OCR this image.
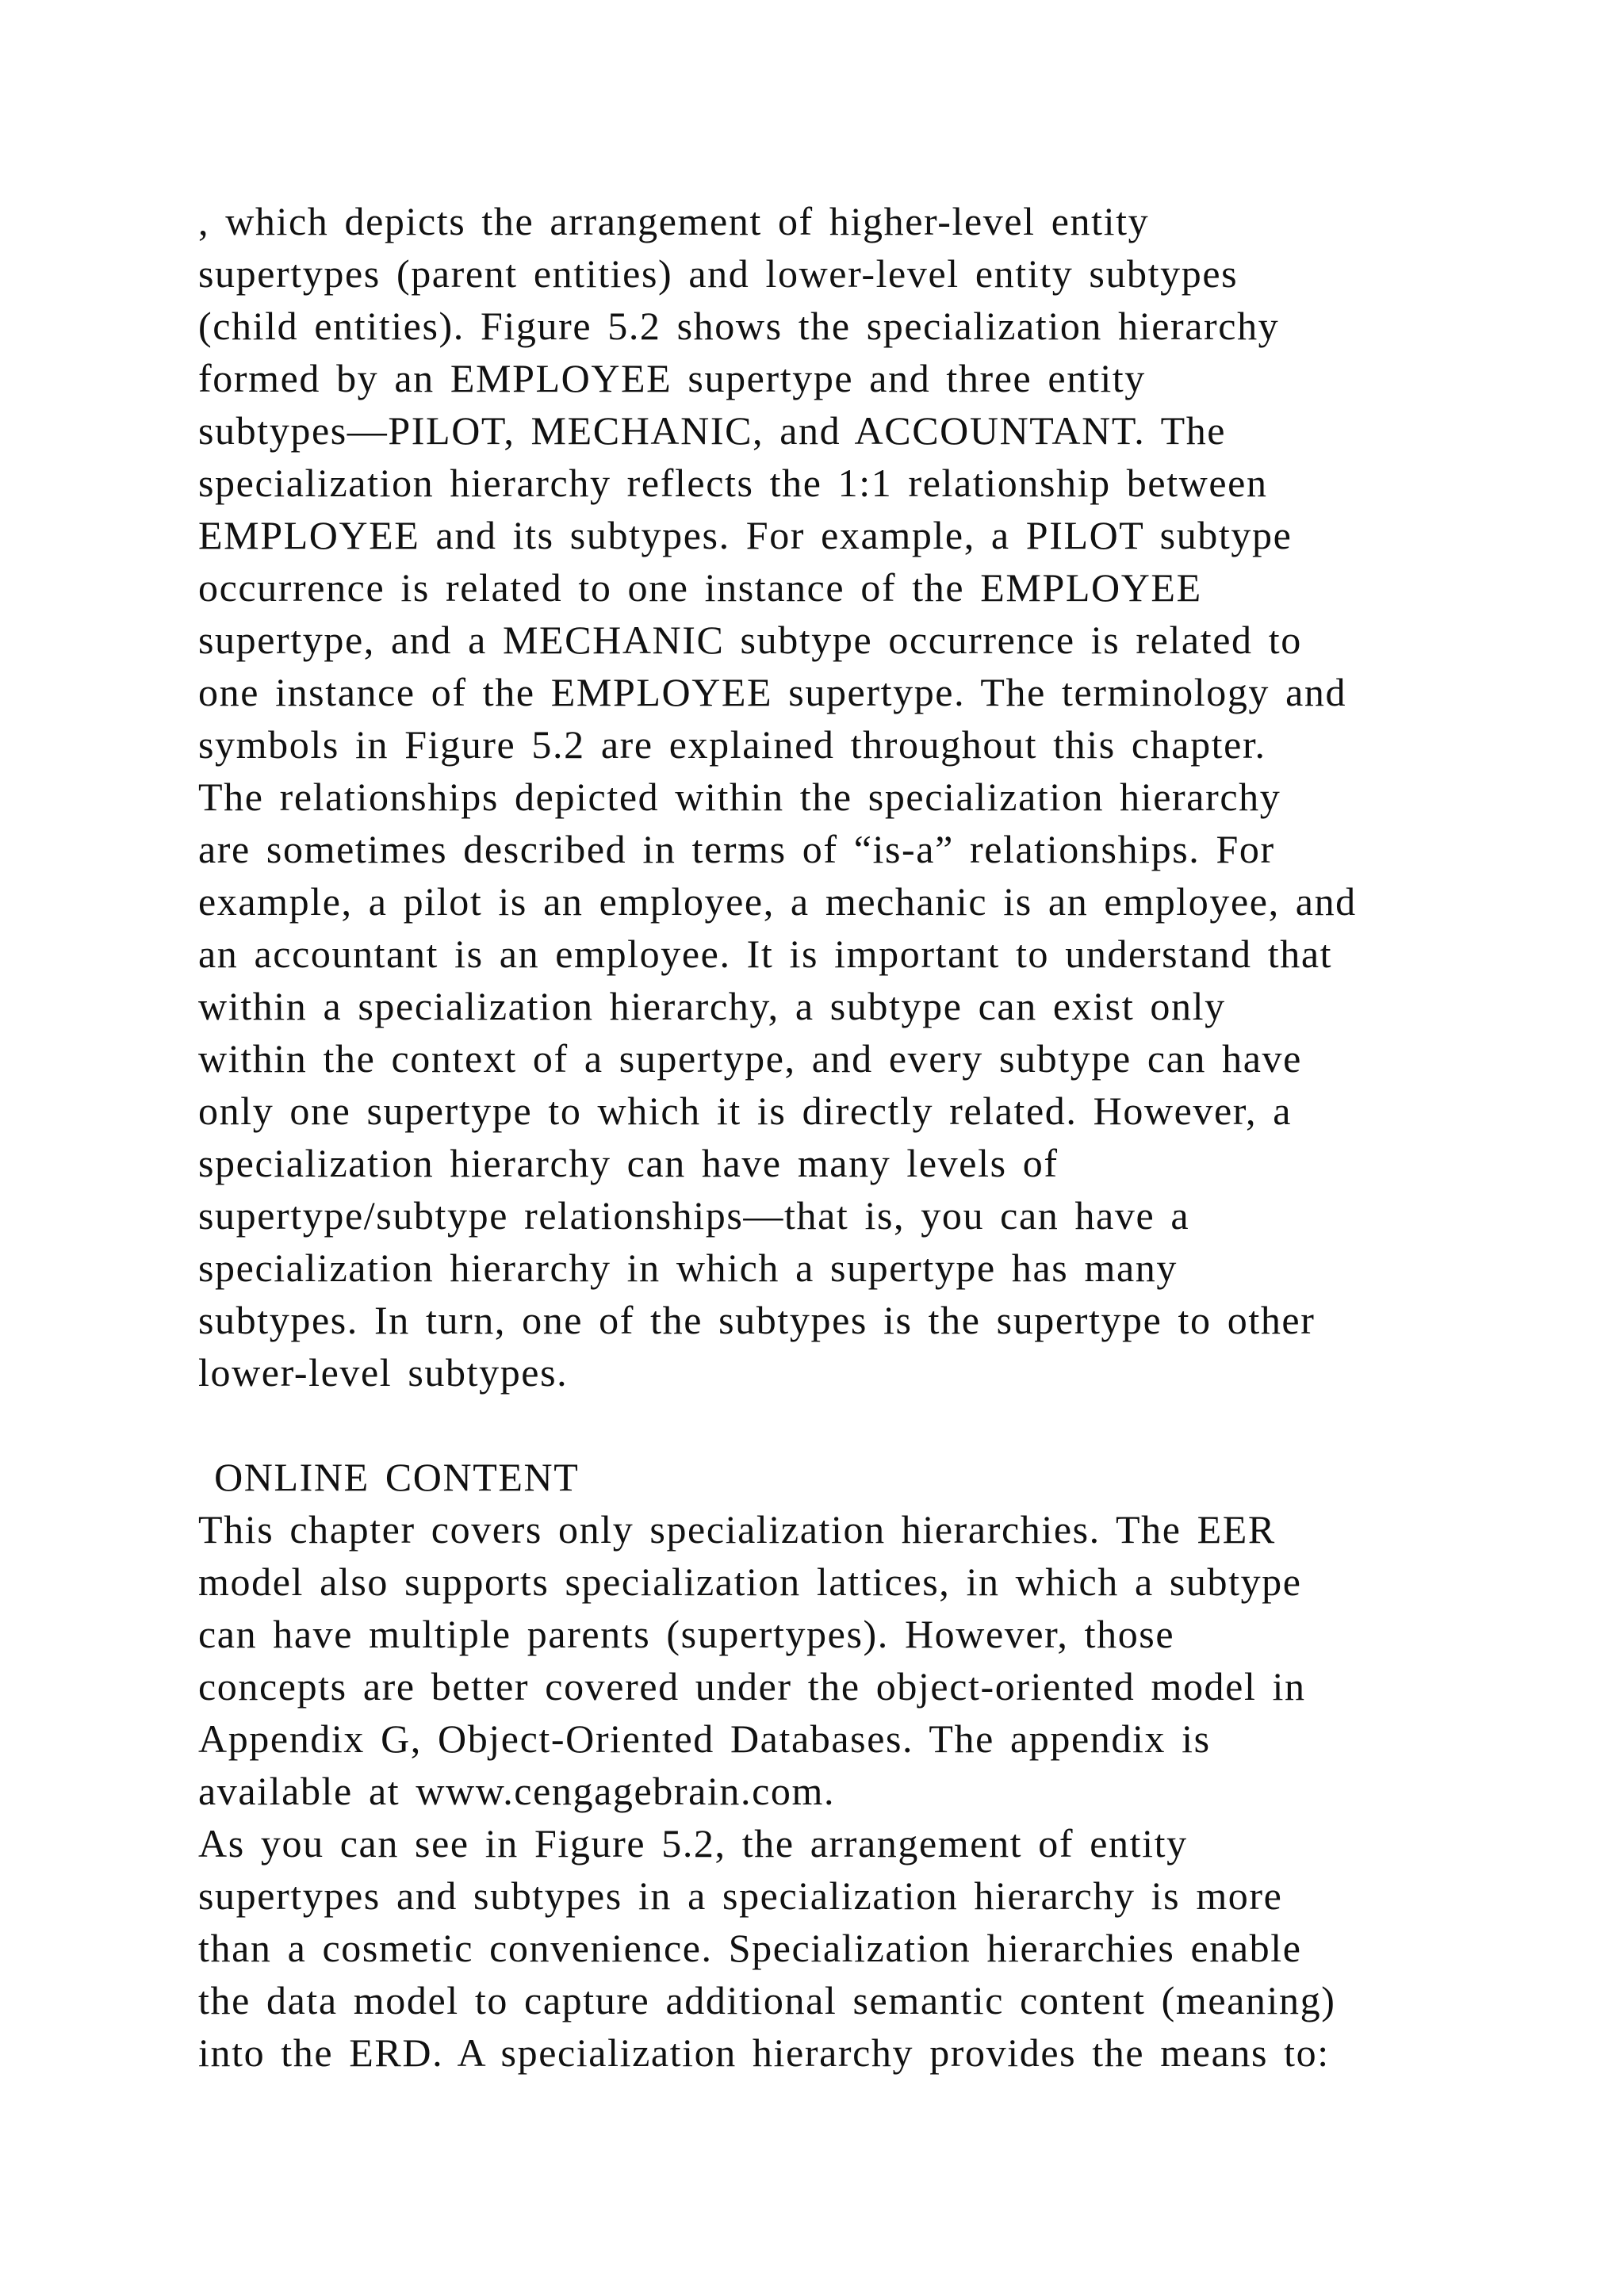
, which depicts the arrangement of higher-level entity
supertypes (parent entities) and lower-level entity subtypes
(child entities). Figure 5.2 shows the specialization hierarchy
formed by an EMPLOYEE supertype and three entity
subtypes—PILOT, MECHANIC, and ACCOUNTANT. The
specialization hierarchy reflects the 1:1 relationship between
EMPLOYEE and its subtypes. For example, a PILOT subtype
occurrence is related to one instance of the EMPLOYEE
supertype, and a MECHANIC subtype occurrence is related to
one instance of the EMPLOYEE supertype. The terminology and
symbols in Figure 5.2 are explained throughout this chapter.
The relationships depicted within the specialization hierarchy
are sometimes described in terms of “is-a” relationships. For
example, a pilot is an employee, a mechanic is an employee, and
an accountant is an employee. It is important to understand that
within a specialization hierarchy, a subtype can exist only
within the context of a supertype, and every subtype can have
only one supertype to which it is directly related. However, a
specialization hierarchy can have many levels of
supertype/subtype relationships—that is, you can have a
specialization hierarchy in which a supertype has many
subtypes. In turn, one of the subtypes is the supertype to other
lower-level subtypes.
ONLINE CONTENT
This chapter covers only specialization hierarchies. The EER
model also supports specialization lattices, in which a subtype
can have multiple parents (supertypes). However, those
concepts are better covered under the object-oriented model in
Appendix G, Object-Oriented Databases. The appendix is
available at www.cengagebrain.com.
As you can see in Figure 5.2, the arrangement of entity
supertypes and subtypes in a specialization hierarchy is more
than a cosmetic convenience. Specialization hierarchies enable
the data model to capture additional semantic content (meaning)
into the ERD. A specialization hierarchy provides the means to:
